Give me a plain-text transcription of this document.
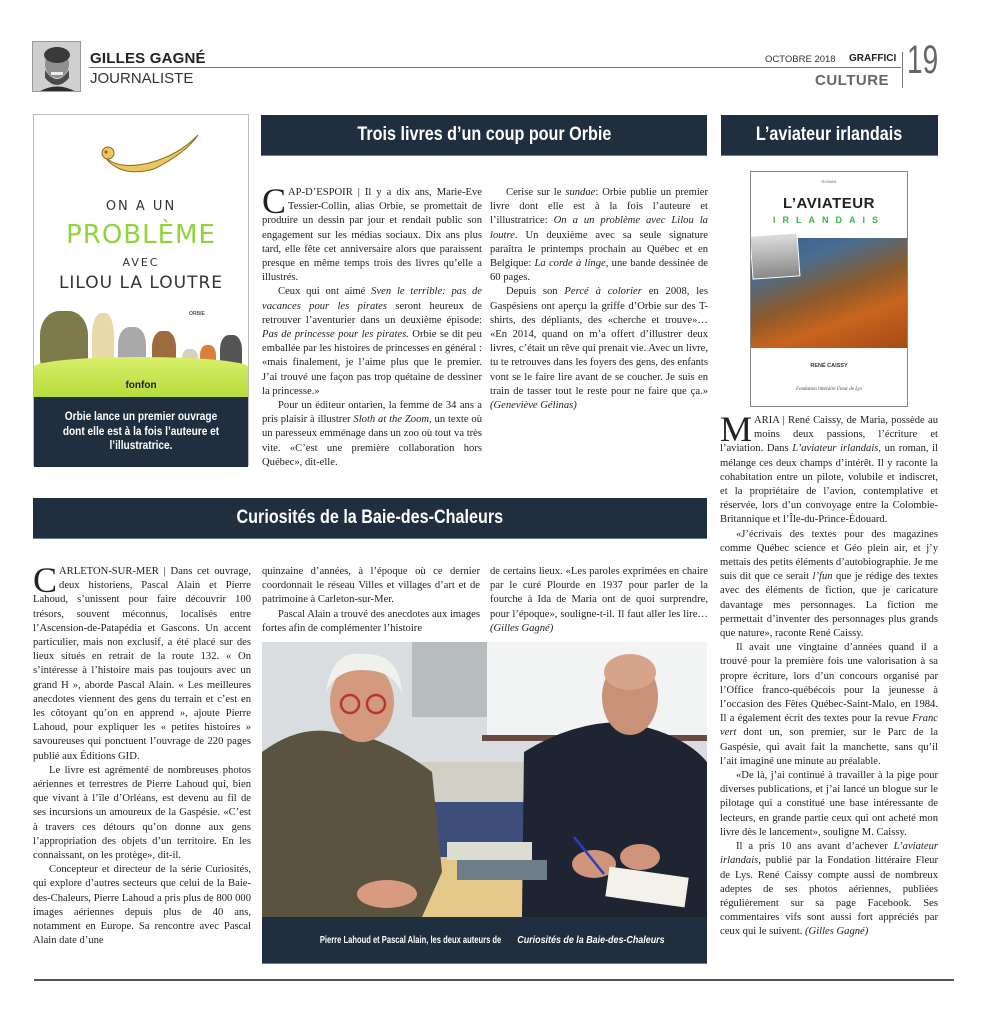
GILLES GAGNÉ
JOURNALISTE
OCTOBRE 2018 GRAFFICI
CULTURE 19
ON A UN
PROBLÈME
AVEC
LILOU LA LOUTRE
ORBIE
fonfon
Orbie lance un premier ouvrage dont elle est à la fois l’auteure et l’illustratrice.
Trois livres d’un coup pour Orbie

CAP-D’ESPOIR | Il y a dix ans, Marie-Eve Tessier-Collin, alias Orbie, se promettait de produire un dessin par jour et rendait public son engagement sur les médias sociaux. Dix ans plus tard, elle fête cet anniversaire alors que paraissent presque en même temps trois des livres qu’elle a illustrés.

Ceux qui ont aimé Sven le terrible: pas de vacances pour les pirates seront heureux de retrouver l’aventurier dans un deuxième épisode: Pas de princesse pour les pirates. Orbie se dit peu emballée par les histoires de princesses en général : «mais finalement, je l’aime plus que le premier. J’ai trouvé une façon pas trop quétaine de dessiner la princesse.»

Pour un éditeur ontarien, la femme de 34 ans a pris plaisir à illustrer Sloth at the Zoom, un texte où un paresseux emménage dans un zoo où tout va très vite. «C’est une première collaboration hors Québec», dit-elle.

Cerise sur le sundae: Orbie publie un premier livre dont elle est à la fois l’auteure et l’illustratrice: On a un problème avec Lilou la loutre. Un deuxième avec sa seule signature paraîtra le printemps prochain au Québec et en Belgique: La corde à linge, une bande dessinée de 60 pages.

Depuis son Percé à colorier en 2008, les Gaspésiens ont aperçu la griffe d’Orbie sur des T-shirts, des dépliants, des «cherche et trouve»… «En 2014, quand on m’a offert d’illustrer deux livres, c’était un rêve qui prenait vie. Avec un livre, tu te retrouves dans les foyers des gens, des enfants vont se le faire lire avant de se coucher. Je suis en train de tasser tout le reste pour ne faire que ça.» (Geneviève Gélinas)

L’aviateur irlandais
ROMAN
L’AVIATEUR
IRLANDAIS
RENÉ CAISSY
Fondation littéraire Fleur de Lys

MARIA | René Caissy, de Maria, possède au moins deux passions, l’écriture et l’aviation. Dans L’aviateur irlandais, un roman, il mélange ces deux champs d’intérêt. Il y raconte la cohabitation entre un pilote, volubile et indiscret, et la propriétaire de l’avion, contemplative et réservée, lors d’un convoyage entre la Colombie-Britannique et l’Île-du-Prince-Édouard.

«J’écrivais des textes pour des magazines comme Québec science et Géo plein air, et j’y mettais des petits éléments d’autobiographie. Je me suis dit que ce serait l’fun que je rédige des textes avec des éléments de fiction, que je caricature davantage mes personnages. La fiction me permettait d’inventer des personnages plus grands que nature», raconte René Caissy.

Il avait une vingtaine d’années quand il a trouvé pour la première fois une valorisation à sa propre écriture, lors d’un concours organisé par l’Office franco-québécois pour la jeunesse à l’occasion des Fêtes Québec-Saint-Malo, en 1984. Il a également écrit des textes pour la revue Franc vert dont un, son premier, sur le Parc de la Gaspésie, qui avait fait la manchette, sans qu’il l’ait imaginé une minute au préalable.

«De là, j’ai continué à travailler à la pige pour diverses publications, et j’ai lancé un blogue sur le pilotage qui a constitué une base intéressante de lecteurs, en grande partie ceux qui ont acheté mon livre dès le lancement», souligne M. Caissy.

Il a pris 10 ans avant d’achever L’aviateur irlandais, publié par la Fondation littéraire Fleur de Lys. René Caissy compte aussi de nombreux adeptes de ses photos aériennes, publiées régulièrement sur sa page Facebook. Ses commentaires vifs sont aussi fort appréciés par ceux qui le suivent. (Gilles Gagné)

Curiosités de la Baie-des-Chaleurs

CARLETON-SUR-MER | Dans cet ouvrage, deux historiens, Pascal Alain et Pierre Lahoud, s’unissent pour faire découvrir 100 trésors, souvent méconnus, localisés entre l’Ascension-de-Patapédia et Gascons. Un accent particulier, mais non exclusif, a été placé sur des lieux situés en retrait de la route 132. « On s’intéresse à l’histoire mais pas toujours avec un grand H », aborde Pascal Alain. « Les meilleures anecdotes viennent des gens du terrain et c’est en les côtoyant qu’on en apprend », ajoute Pierre Lahoud, pour expliquer les « petites histoires » savoureuses qui ponctuent l’ouvrage de 220 pages publié aux Éditions GID.

Le livre est agrémenté de nombreuses photos aériennes et terrestres de Pierre Lahoud qui, bien que vivant à l’île d’Orléans, est devenu au fil de ses incursions un amoureux de la Gaspésie. «C’est à travers ces détours qu’on donne aux gens l’appropriation des objets d’un territoire. En les connaissant, on les protège», dit-il.

Concepteur et directeur de la série Curiosités, qui explore d’autres secteurs que celui de la Baie-des-Chaleurs, Pierre Lahoud a pris plus de 800 000 images aériennes depuis plus de 40 ans, notamment en Europe. Sa rencontre avec Pascal Alain date d’une

quinzaine d’années, à l’époque où ce dernier coordonnait le réseau Villes et villages d’art et de patrimoine à Carleton-sur-Mer.

Pascal Alain a trouvé des anecdotes aux images fortes afin de complémenter l’histoire

de certains lieux. «Les paroles exprimées en chaire par le curé Plourde en 1937 pour parler de la fourche à Ida de Maria ont de quoi surprendre, pour l’époque», souligne-t-il. Il faut aller les lire… (Gilles Gagné)

Pierre Lahoud et Pascal Alain, les deux auteurs deCuriosités de la Baie-des-Chaleurs
